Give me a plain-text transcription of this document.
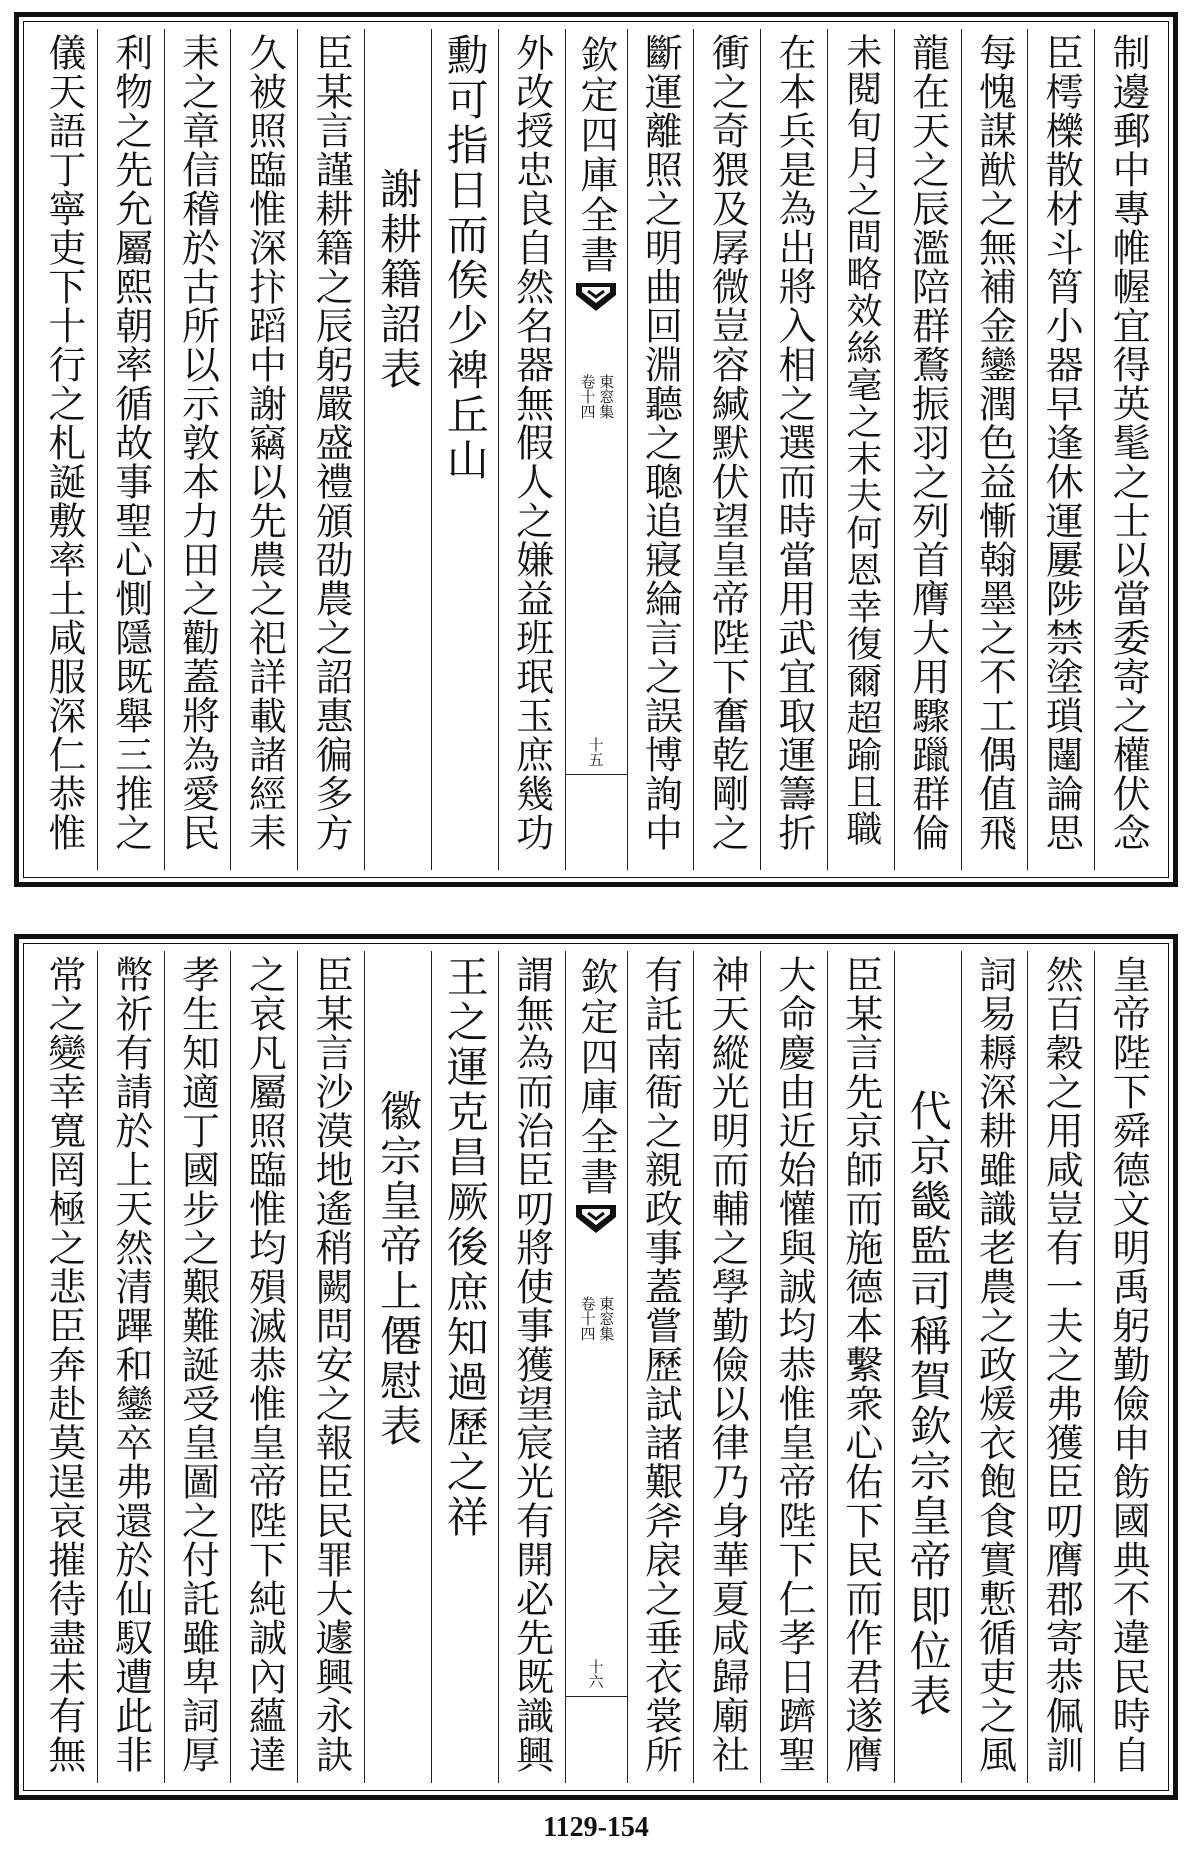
制邊郵中專帷幄宜得英髦之士以當委寄之權伏念
臣樗櫟散材斗筲小器早逢休運屢陟禁塗瑣闥論思
每愧謀猷之無補金鑾潤色益慚翰墨之不工偶值飛
龍在天之辰濫陪群鶩振羽之列首膺大用驟躐群倫
未閱旬月之間略效絲毫之末夫何恩幸復爾超踰且職
在本兵是為出將入相之選而時當用武宜取運籌折
衝之奇猥及孱微豈容緘默伏望皇帝陛下奮乾剛之
斷運離照之明曲回淵聽之聰追寢綸言之誤博詢中
欽定四庫全書
東窓集
卷十四
十五
外改授忠良自然名器無假人之嫌益班珉玉庶幾功
勳可指日而俟少裨丘山
謝耕籍詔表
臣某言謹耕籍之辰躬嚴盛禮頒劭農之詔惠徧多方
久被照臨惟深抃蹈中謝竊以先農之祀詳載諸經耒
耒之章信稽於古所以示敦本力田之勸蓋將為愛民
利物之先允屬熙朝率循故事聖心惻隱既舉三推之
儀天語丁寧吏下十行之札誕敷率土咸服深仁恭惟
皇帝陛下舜德文明禹躬勤儉申飭國典不違民時自
然百穀之用咸豈有一夫之弗獲臣叨膺郡寄恭佩訓
詞易耨深耕雖識老農之政煖衣飽食實慙循吏之風
代京畿監司稱賀欽宗皇帝即位表
臣某言先京師而施德本繫衆心佑下民而作君遂膺
大命慶由近始懽與誠均恭惟皇帝陛下仁孝日躋聖
神天縱光明而輔之學勤儉以律乃身華夏咸歸廟社
有託南衙之親政事蓋嘗歷試諸艱斧扆之垂衣裳所
欽定四庫全書
東窓集
卷十四
十六
謂無為而治臣叨將使事獲望宸光有開必先既識興
王之運克昌厥後庶知過歷之祥
徽宗皇帝上僊慰表
臣某言沙漠地遙稍闕問安之報臣民罪大遽興永訣
之哀凡屬照臨惟均殞滅恭惟皇帝陛下純誠內蘊達
孝生知適丁國步之艱難誕受皇圖之付託雖卑詞厚
幣祈有請於上天然清蹕和鑾卒弗還於仙馭遭此非
常之變幸寬罔極之悲臣奔赴莫逞哀摧待盡未有無
1129-154
